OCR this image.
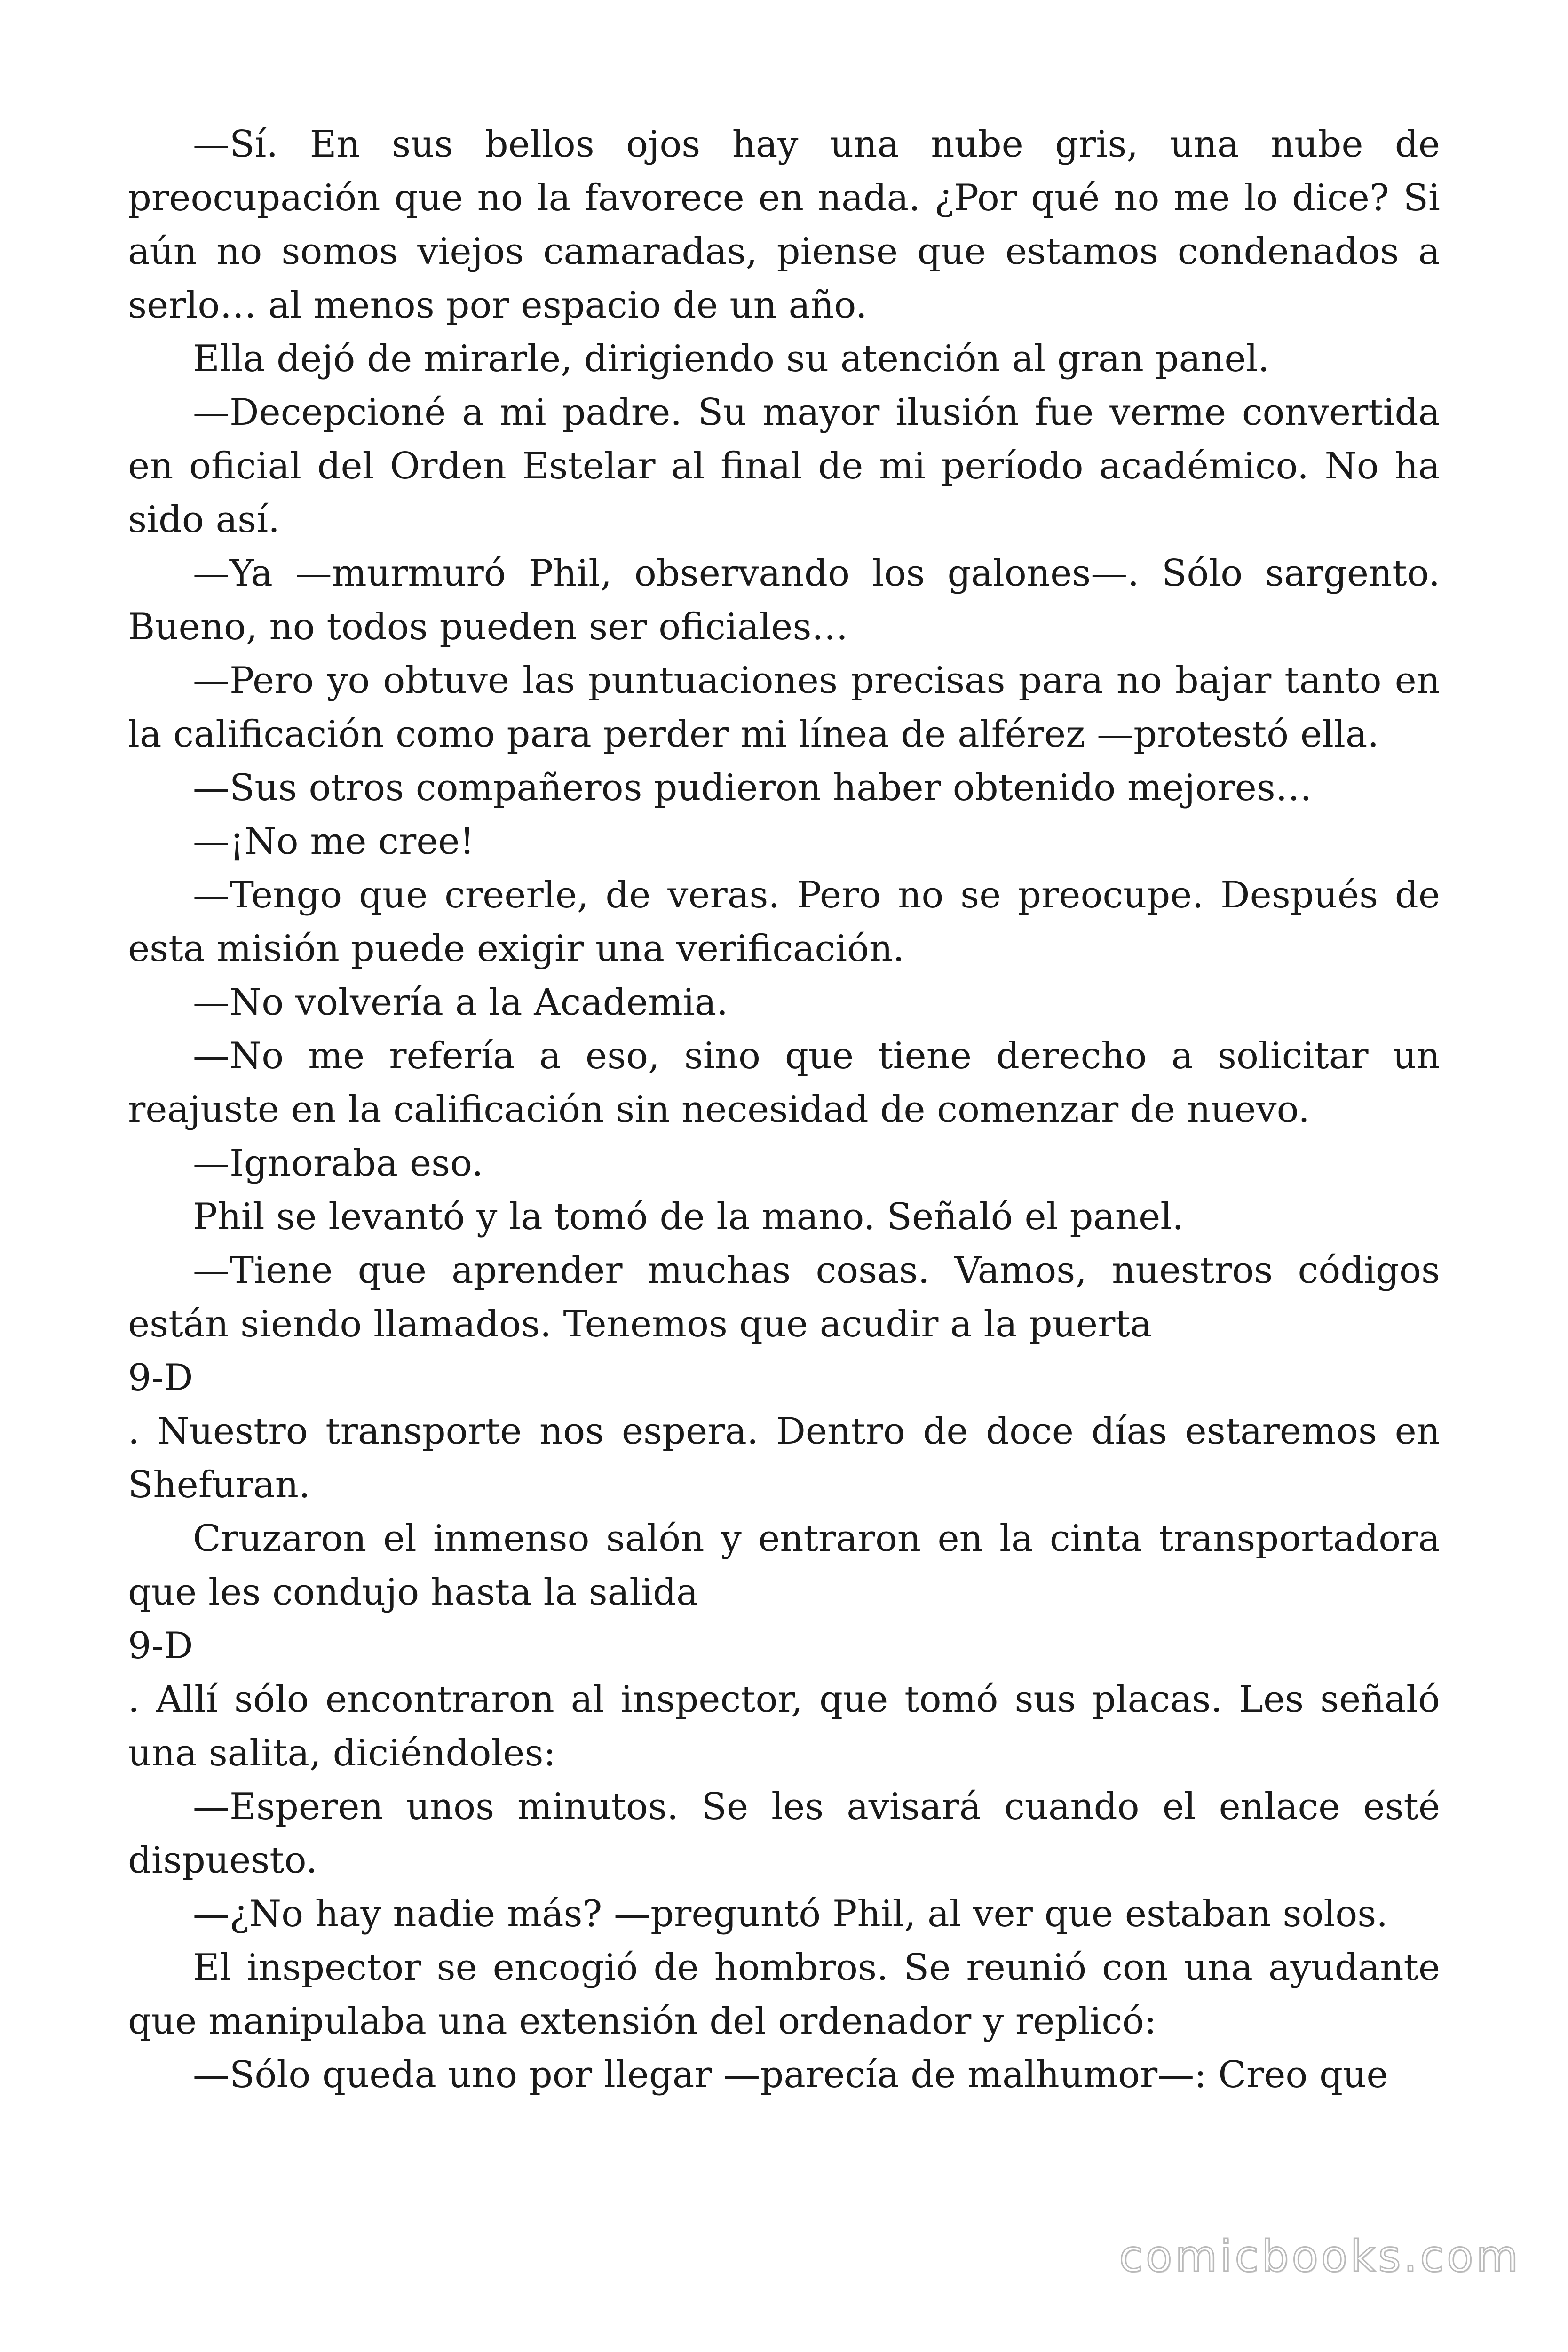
—Sí. En sus bellos ojos hay una nube gris, una nube de preocupación que no la favorece en nada. ¿Por qué no me lo dice? Si aún no somos viejos camaradas, piense que estamos condenados a serlo… al menos por espacio de un año.

Ella dejó de mirarle, dirigiendo su atención al gran panel.

—Decepcioné a mi padre. Su mayor ilusión fue verme convertida en oficial del Orden Estelar al final de mi período académico. No ha sido así.

—Ya —murmuró Phil, observando los galones—. Sólo sargento. Bueno, no todos pueden ser oficiales…

—Pero yo obtuve las puntuaciones precisas para no bajar tanto en la calificación como para perder mi línea de alférez —protestó ella.

—Sus otros compañeros pudieron haber obtenido mejores…

—¡No me cree!

—Tengo que creerle, de veras. Pero no se preocupe. Después de esta misión puede exigir una verificación.

—No volvería a la Academia.

—No me refería a eso, sino que tiene derecho a solicitar un reajuste en la calificación sin necesidad de comenzar de nuevo.

—Ignoraba eso.

Phil se levantó y la tomó de la mano. Señaló el panel.

—Tiene que aprender muchas cosas. Vamos, nuestros códigos están siendo llamados. Tenemos que acudir a la puerta

9-D

. Nuestro transporte nos espera. Dentro de doce días estaremos en Shefuran.

Cruzaron el inmenso salón y entraron en la cinta transportadora que les condujo hasta la salida

9-D

. Allí sólo encontraron al inspector, que tomó sus placas. Les señaló una salita, diciéndoles:

—Esperen unos minutos. Se les avisará cuando el enlace esté dispuesto.

—¿No hay nadie más? —preguntó Phil, al ver que estaban solos.

El inspector se encogió de hombros. Se reunió con una ayudante que manipulaba una extensión del ordenador y replicó:

—Sólo queda uno por llegar —parecía de malhumor—: Creo que

comicbooks.com
